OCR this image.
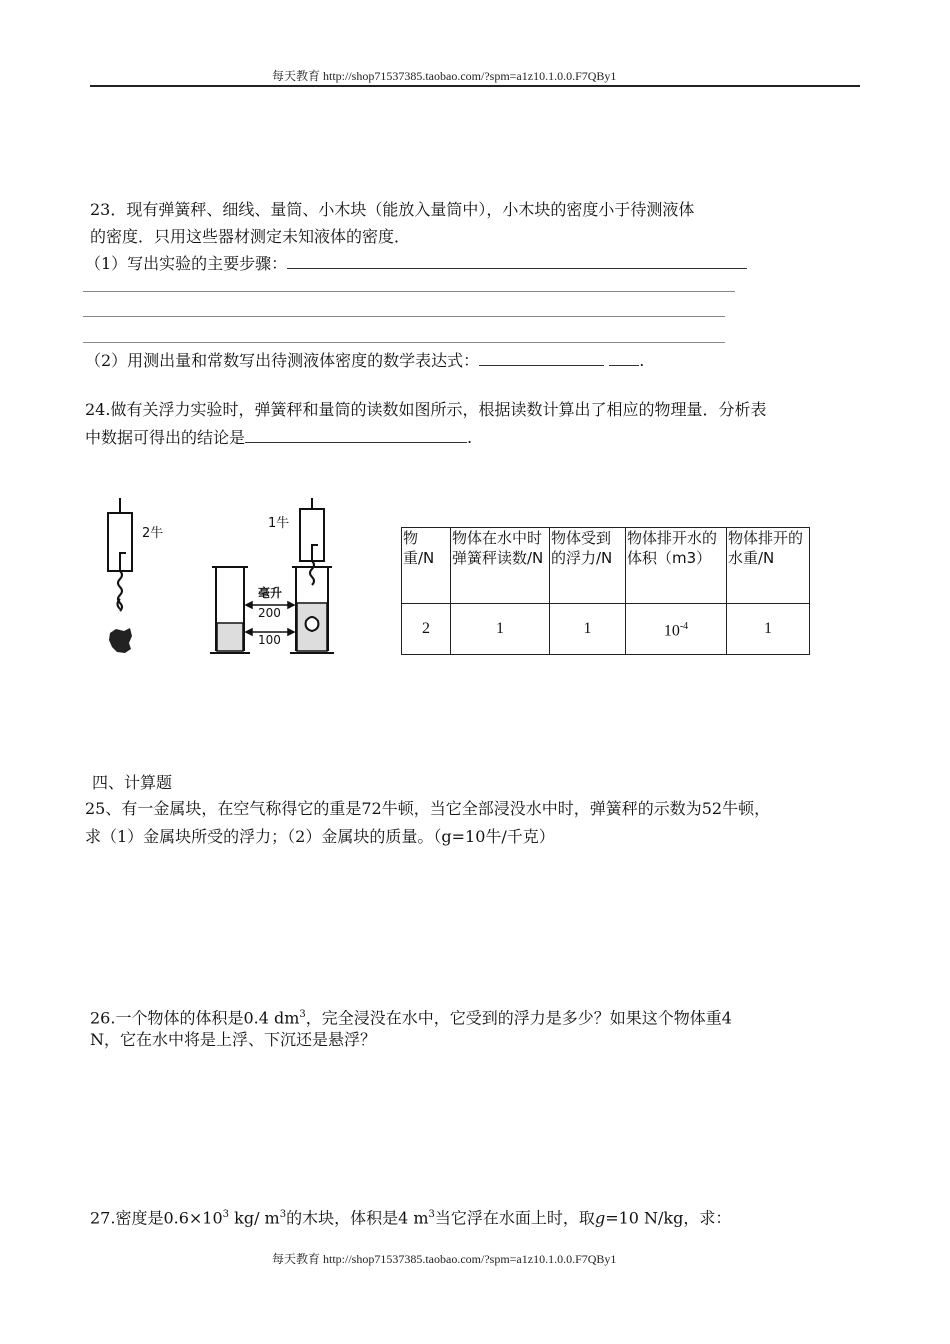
每天教育 http://shop71537385.taobao.com/?spm=a1z10.1.0.0.F7QBy1
23．现有弹簧秤、细线、量筒、小木块（能放入量筒中），小木块的密度小于待测液体
的密度．只用这些器材测定未知液体的密度．
（1）写出实验的主要步骤：
（2）用测出量和常数写出待测液体密度的数学表达式：	.
24.做有关浮力实验时，弹簧秤和量筒的读数如图所示，根据读数计算出了相应的物理量．分析表
中数据可得出的结论是	.
2牛
1牛
毫升
200
100
物重/N	物体在水中时弹簧秤读数/N	物体受到的浮力/N	物体排开水的体积（m3）	物体排开的水重/N
2	1	1	$10^{-4}$	1
四、计算题
25、有一金属块，在空气称得它的重是72牛顿，当它全部浸没水中时，弹簧秤的示数为52牛顿，
求（1）金属块所受的浮力；（2）金属块的质量。（g=10牛/千克）
26.一个物体的体积是0.4 $dm^3$，完全浸没在水中，它受到的浮力是多少？如果这个物体重4
N，它在水中将是上浮、下沉还是悬浮？
27.密度是$0.6\times 10^3$ kg/ $m^3$的木块，体积是4 $m^3$当它浮在水面上时，取g=10 N/kg，求：
每天教育 http://shop71537385.taobao.com/?spm=a1z10.1.0.0.F7QBy1
